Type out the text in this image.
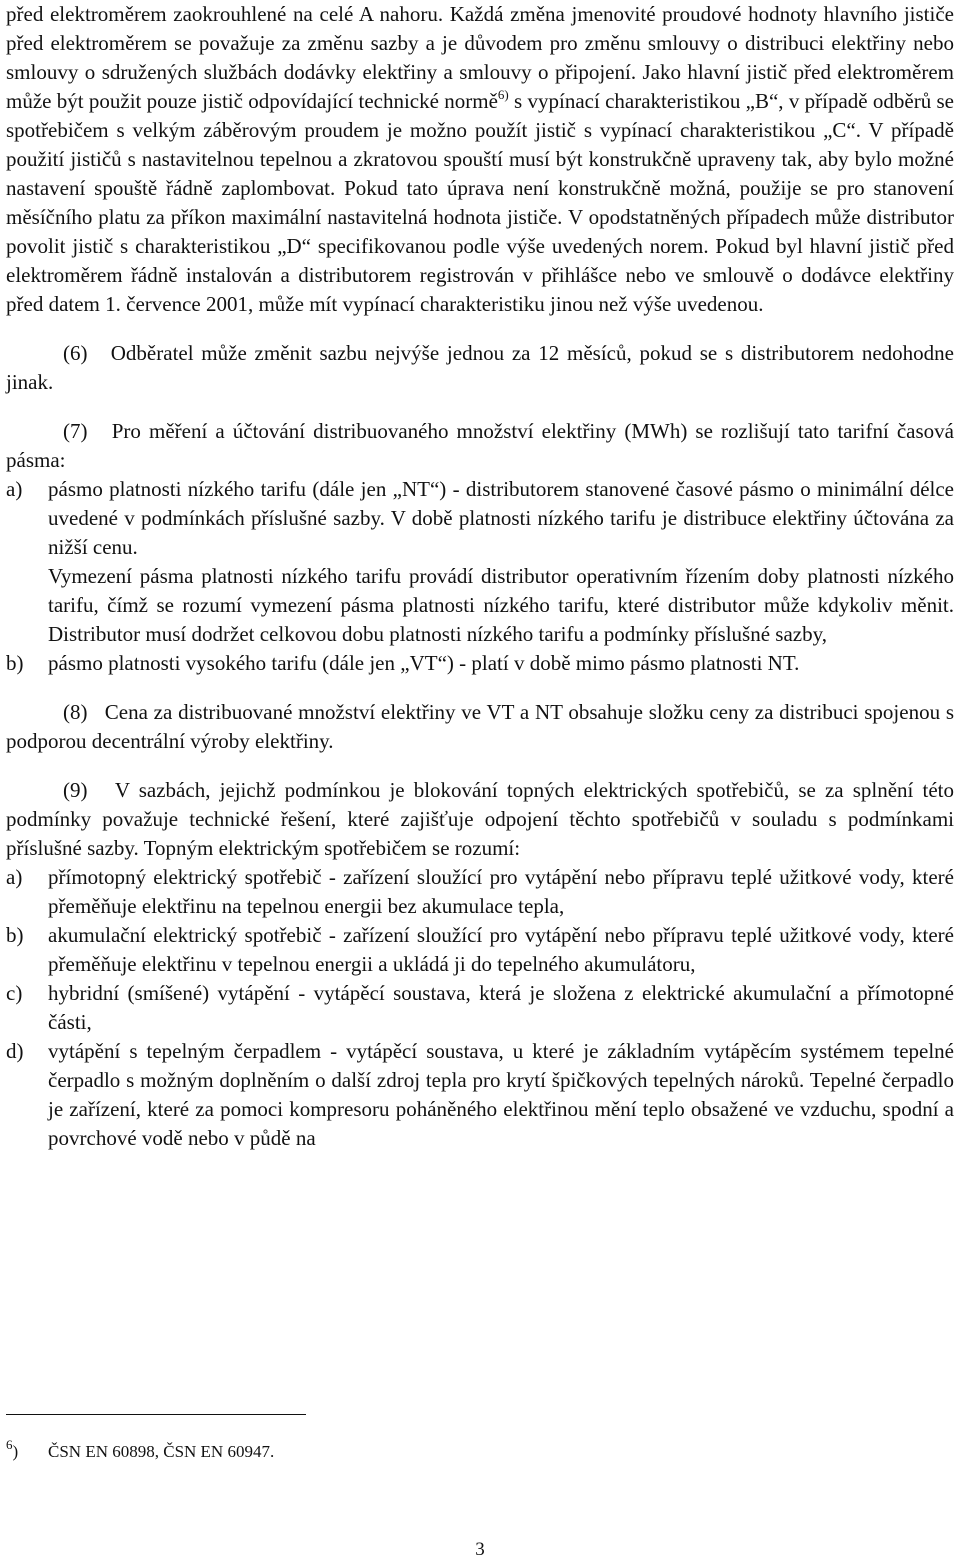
před elektroměrem zaokrouhlené na celé A nahoru. Každá změna jmenovité proudové hodnoty hlavního jističe před elektroměrem se považuje za změnu sazby a je důvodem pro změnu smlouvy o distribuci elektřiny nebo smlouvy o sdružených službách dodávky elektřiny a smlouvy o připojení. Jako hlavní jistič před elektroměrem může být použit pouze jistič odpovídající technické normě$^{6)}$ s vypínací charakteristikou „B“, v případě odběrů se spotřebičem s velkým záběrovým proudem je možno použít jistič s vypínací charakteristikou „C“. V případě použití jističů s nastavitelnou tepelnou a zkratovou spouští musí být konstrukčně upraveny tak, aby bylo možné nastavení spouště řádně zaplombovat. Pokud tato úprava není konstrukčně možná, použije se pro stanovení měsíčního platu za příkon maximální nastavitelná hodnota jističe. V opodstatněných případech může distributor povolit jistič s charakteristikou „D“ specifikovanou podle výše uvedených norem. Pokud byl hlavní jistič před elektroměrem řádně instalován a distributorem registrován v přihlášce nebo ve smlouvě o dodávce elektřiny před datem 1. července 2001, může mít vypínací charakteristiku jinou než výše uvedenou.

(6)   Odběratel může změnit sazbu nejvýše jednou za 12 měsíců, pokud se s distributorem nedohodne jinak.

(7)   Pro měření a účtování distribuovaného množství elektřiny (MWh) se rozlišují tato tarifní časová pásma:

a)	pásmo platnosti nízkého tarifu (dále jen „NT“) - distributorem stanovené časové pásmo o minimální délce uvedené v podmínkách příslušné sazby. V době platnosti nízkého tarifu je distribuce elektřiny účtována za nižší cenu.

Vymezení pásma platnosti nízkého tarifu provádí distributor operativním řízením doby platnosti nízkého tarifu, čímž se rozumí vymezení pásma platnosti nízkého tarifu, které distributor může kdykoliv měnit. Distributor musí dodržet celkovou dobu platnosti nízkého tarifu a podmínky příslušné sazby,

b)	pásmo platnosti vysokého tarifu (dále jen „VT“) - platí v době mimo pásmo platnosti NT.

(8)   Cena za distribuované množství elektřiny ve VT a NT obsahuje složku ceny za distribuci spojenou s podporou decentrální výroby elektřiny.

(9)   V sazbách, jejichž podmínkou je blokování topných elektrických spotřebičů, se za splnění této podmínky považuje technické řešení, které zajišťuje odpojení těchto spotřebičů v souladu s podmínkami příslušné sazby. Topným elektrickým spotřebičem se rozumí:

a)	přímotopný elektrický spotřebič - zařízení sloužící pro vytápění nebo přípravu teplé užitkové vody, které přeměňuje elektřinu na tepelnou energii bez akumulace tepla,
b)	akumulační elektrický spotřebič - zařízení sloužící pro vytápění nebo přípravu teplé užitkové vody, které přeměňuje elektřinu v tepelnou energii a ukládá ji do tepelného akumulátoru,
c)	hybridní (smíšené) vytápění - vytápěcí soustava, která je složena z elektrické akumulační a přímotopné části,
d)	vytápění s tepelným čerpadlem - vytápěcí soustava, u které je základním vytápěcím systémem tepelné čerpadlo s možným doplněním o další zdroj tepla pro krytí špičkových tepelných nároků. Tepelné čerpadlo je zařízení, které za pomoci kompresoru poháněného elektřinou mění teplo obsažené ve vzduchu, spodní a povrchové vodě nebo v půdě na
$^6$)	ČSN EN 60898, ČSN EN 60947.
3
